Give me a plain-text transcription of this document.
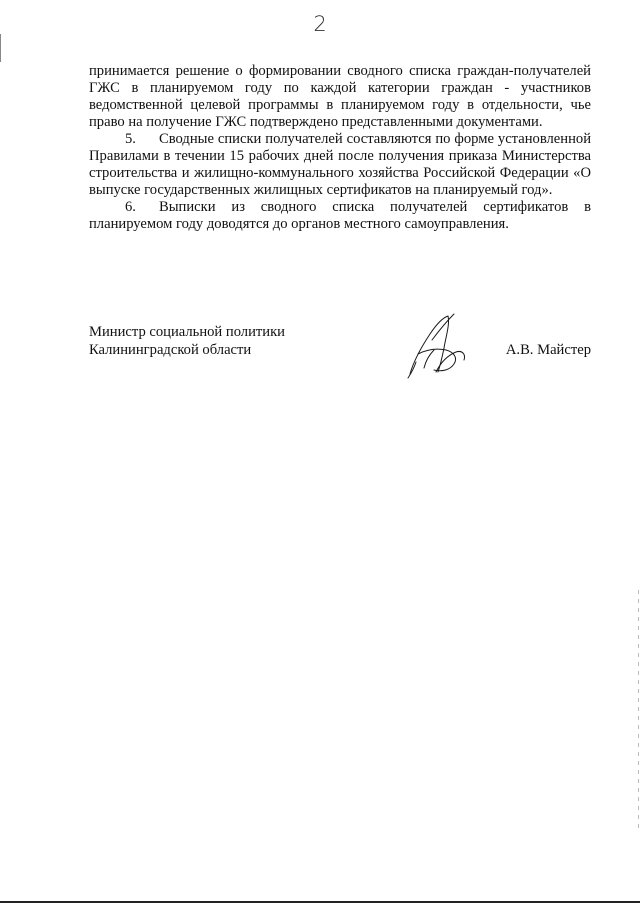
2

принимается решение о формировании сводного списка граждан-получателей ГЖС в планируемом году по каждой категории граждан - участников ведомственной целевой программы в планируемом году в отдельности, чье право на получение ГЖС подтверждено представленными документами.

5. Сводные списки получателей составляются по форме установленной Правилами в течении 15 рабочих дней после получения приказа Министерства строительства и жилищно-коммунального хозяйства Российской Федерации «О выпуске государственных жилищных сертификатов на планируемый год».

6. Выписки из сводного списка получателей сертификатов в планируемом году доводятся до органов местного самоуправления.

Министр социальной политики
Калининградской области	А.В. Майстер
